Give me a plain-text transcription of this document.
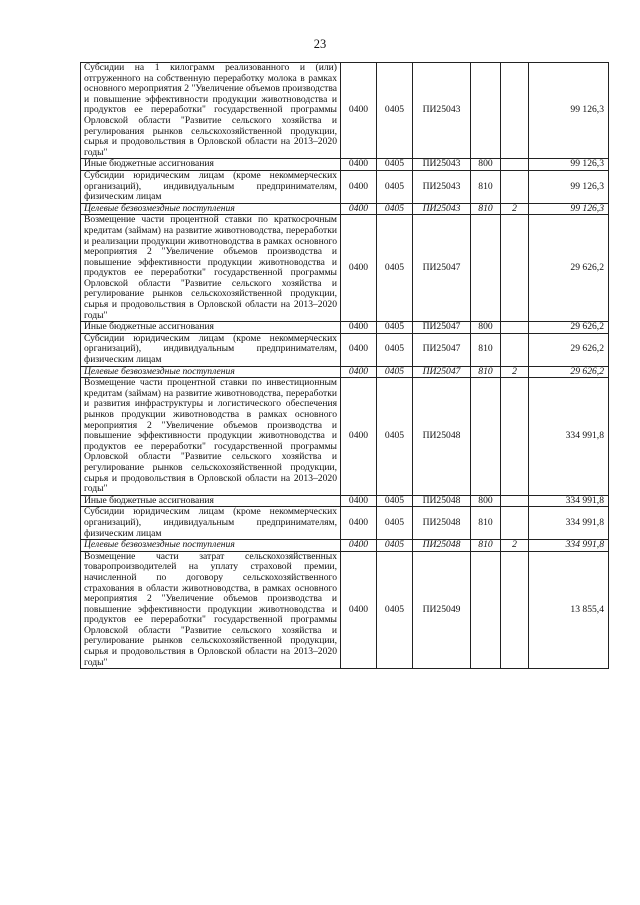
23
Субсидии на 1 килограмм реализованного и (или) отгруженного на собственную переработку молока в рамках основного мероприятия 2 "Увеличение объемов производства и повышение эффективности продукции животноводства и продуктов ее переработки" государственной программы Орловской области "Развитие сельского хозяйства и регулирования рынков сельскохозяйственной продукции, сырья и продовольствия в Орловской области на 2013–2020 годы"	0400	0405	ПИ25043			99 126,3
Иные бюджетные ассигнования	0400	0405	ПИ25043	800		99 126,3
Субсидии юридическим лицам (кроме некоммерческих организаций), индивидуальным предпринимателям, физическим лицам	0400	0405	ПИ25043	810		99 126,3
Целевые безвозмездные поступления	0400	0405	ПИ25043	810	2	99 126,3
Возмещение части процентной ставки по краткосрочным кредитам (займам) на развитие животноводства, переработки и реализации продукции животноводства в рамках основного мероприятия 2 "Увеличение объемов производства и повышение эффективности продукции животноводства и продуктов ее переработки" государственной программы Орловской области "Развитие сельского хозяйства и регулирование рынков сельскохозяйственной продукции, сырья и продовольствия в Орловской области на 2013–2020 годы"	0400	0405	ПИ25047			29 626,2
Иные бюджетные ассигнования	0400	0405	ПИ25047	800		29 626,2
Субсидии юридическим лицам (кроме некоммерческих организаций), индивидуальным предпринимателям, физическим лицам	0400	0405	ПИ25047	810		29 626,2
Целевые безвозмездные поступления	0400	0405	ПИ25047	810	2	29 626,2
Возмещение части процентной ставки по инвестиционным кредитам (займам) на развитие животноводства, переработки и развития инфраструктуры и логистического обеспечения рынков продукции животноводства в рамках основного мероприятия 2 "Увеличение объемов производства и повышение эффективности продукции животноводства и продуктов ее переработки" государственной программы Орловской области "Развитие сельского хозяйства и регулирование рынков сельскохозяйственной продукции, сырья и продовольствия в Орловской области на 2013–2020 годы"	0400	0405	ПИ25048			334 991,8
Иные бюджетные ассигнования	0400	0405	ПИ25048	800		334 991,8
Субсидии юридическим лицам (кроме некоммерческих организаций), индивидуальным предпринимателям, физическим лицам	0400	0405	ПИ25048	810		334 991,8
Целевые безвозмездные поступления	0400	0405	ПИ25048	810	2	334 991,8
Возмещение части затрат сельскохозяйственных товаропроизводителей на уплату страховой премии, начисленной по договору сельскохозяйственного страхования в области животноводства, в рамках основного мероприятия 2 "Увеличение объемов производства и повышение эффективности продукции животноводства и продуктов ее переработки" государственной программы Орловской области "Развитие сельского хозяйства и регулирование рынков сельскохозяйственной продукции, сырья и продовольствия в Орловской области на 2013–2020 годы"	0400	0405	ПИ25049			13 855,4
